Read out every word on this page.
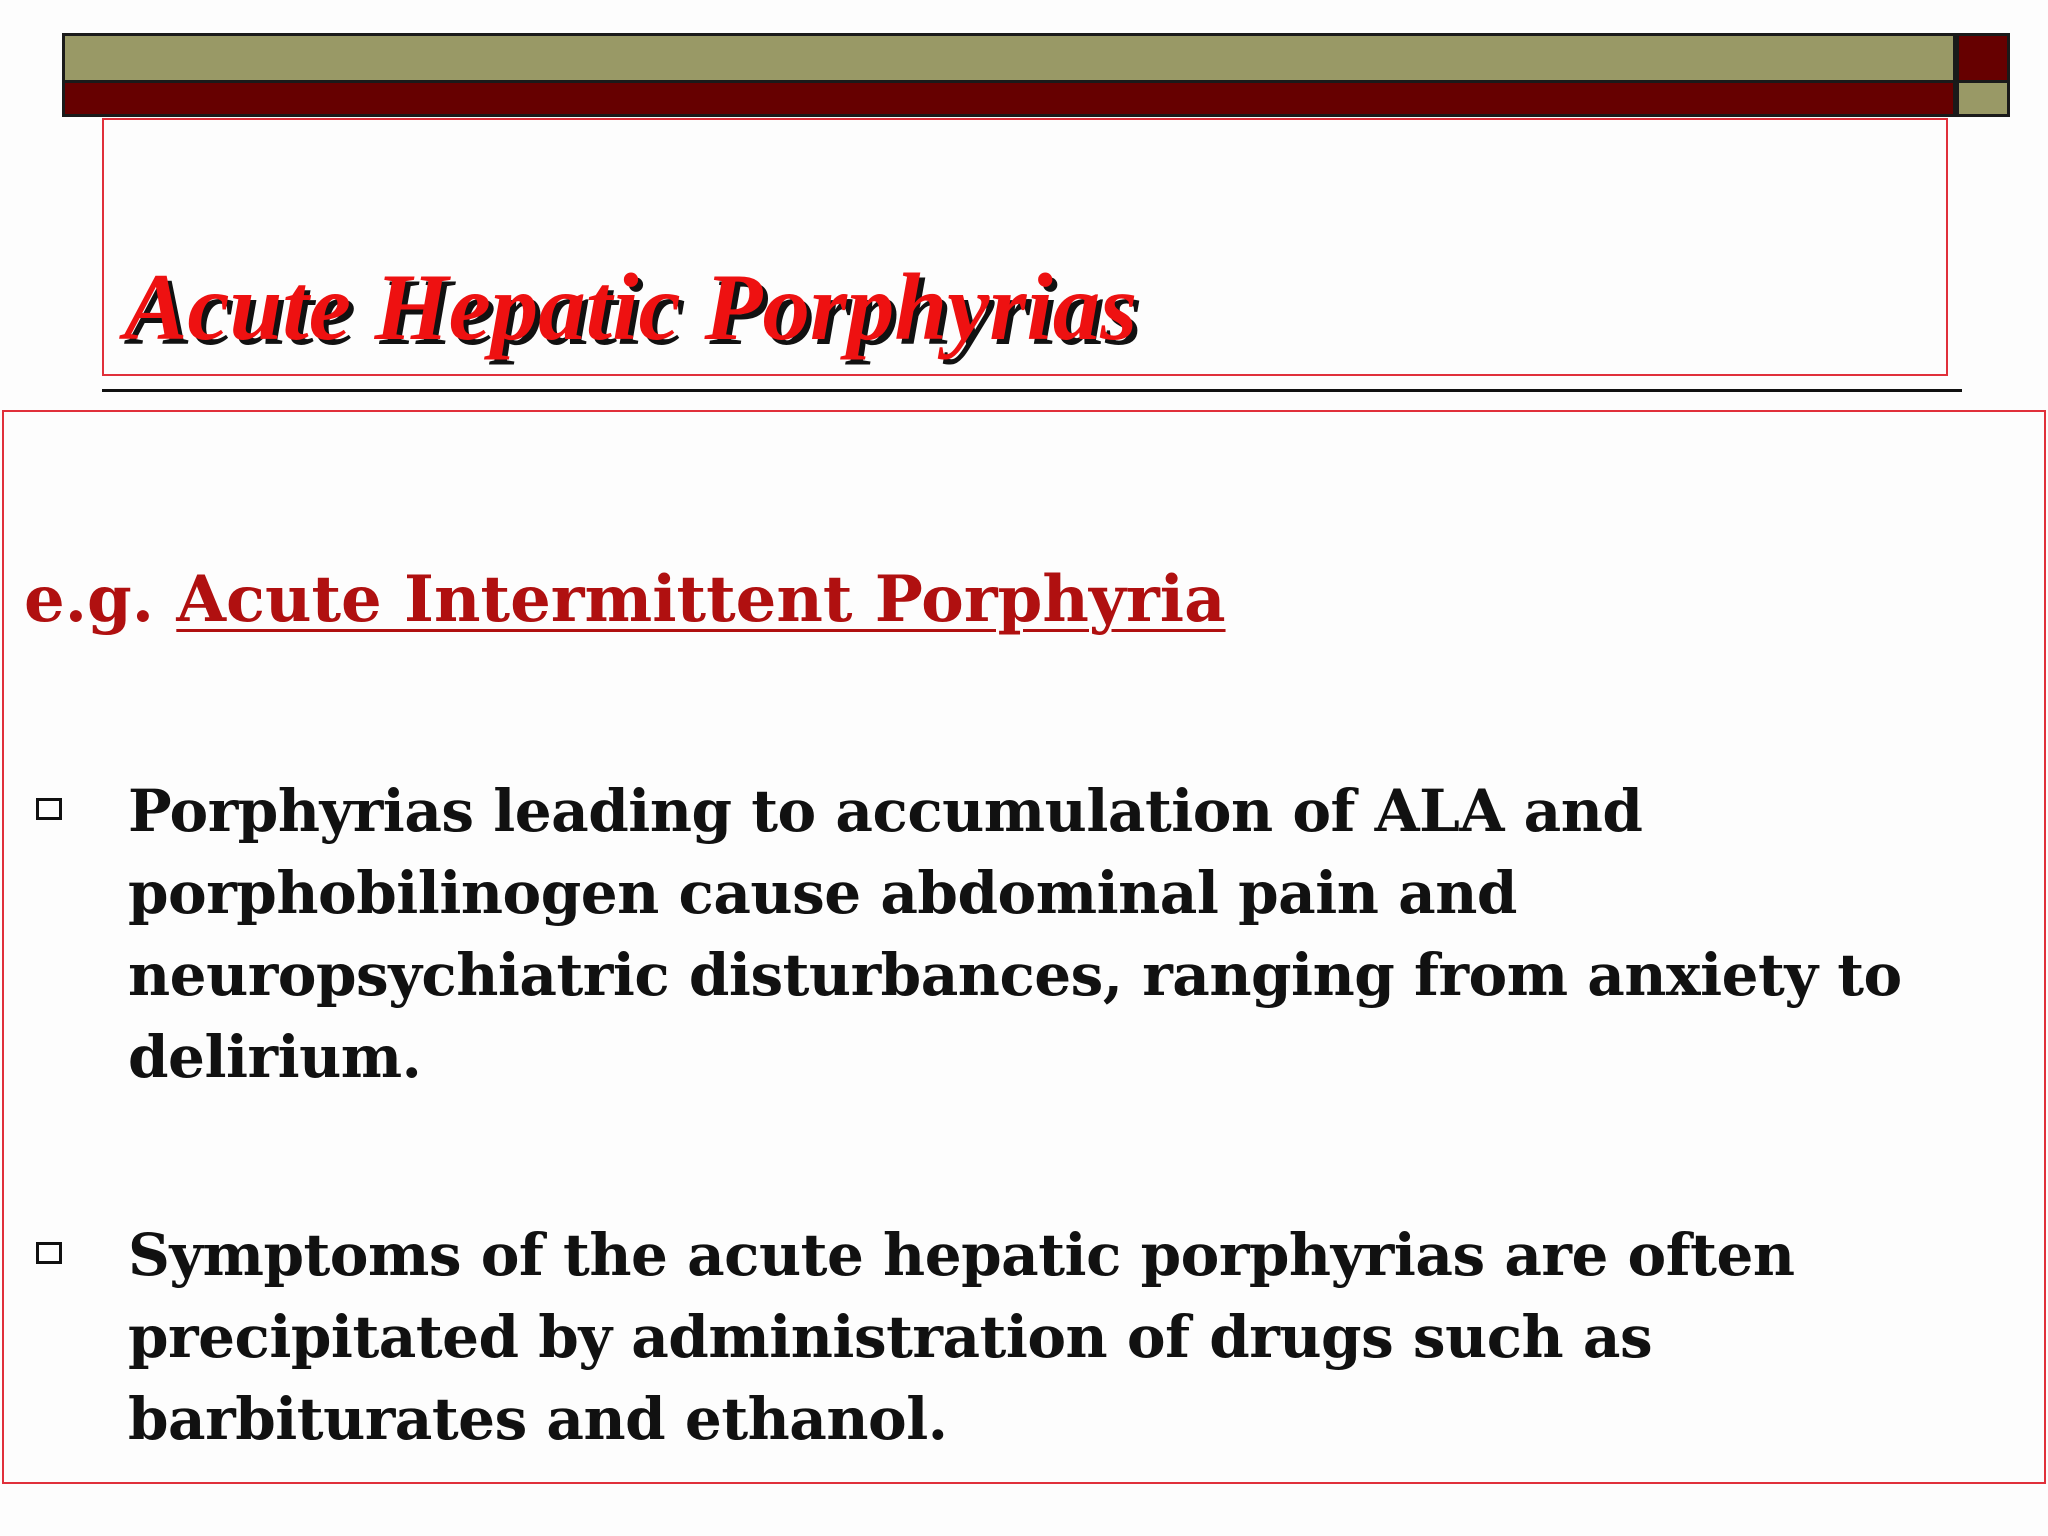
Acute Hepatic Porphyrias

e.g. Acute Intermittent Porphyria

Porphyrias leading to accumulation of ALA and porphobilinogen cause abdominal pain and neuropsychiatric disturbances, ranging from anxiety to delirium.

Symptoms of the acute hepatic porphyrias are often precipitated by administration of drugs such as barbiturates and ethanol.
